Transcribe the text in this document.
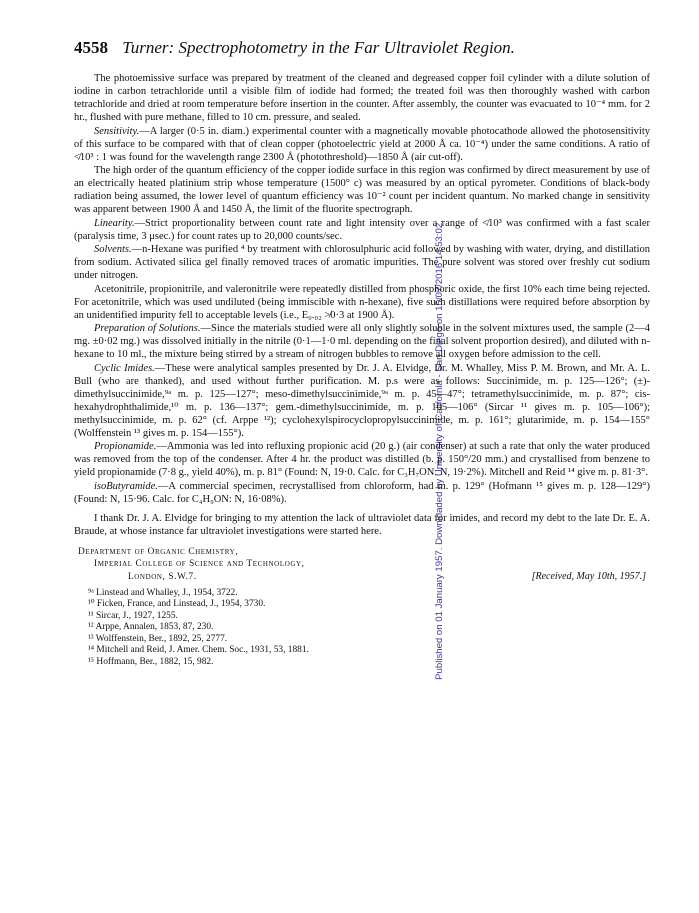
Published on 01 January 1957. Downloaded by University of California - San Diego on 15/07/2016 14:53:02.
4558 Turner: Spectrophotometry in the Far Ultraviolet Region.

The photoemissive surface was prepared by treatment of the cleaned and degreased copper foil cylinder with a dilute solution of iodine in carbon tetrachloride until a visible film of iodide had formed; the treated foil was then thoroughly washed with carbon tetrachloride and dried at room temperature before insertion in the counter. After assembly, the counter was evacuated to 10⁻⁴ mm. for 2 hr., flushed with pure methane, filled to 10 cm. pressure, and sealed.

Sensitivity.—A larger (0·5 in. diam.) experimental counter with a magnetically movable photocathode allowed the photosensitivity of this surface to be compared with that of clean copper (photoelectric yield at 2000 Å ca. 10⁻⁴) under the same conditions. A ratio of ≮10³ : 1 was found for the wavelength range 2300 Å (photothreshold)—1850 Å (air cut-off).

The high order of the quantum efficiency of the copper iodide surface in this region was confirmed by direct measurement by use of an electrically heated platinium strip whose temperature (1500° c) was measured by an optical pyrometer. Conditions of black-body radiation being assumed, the lower level of quantum efficiency was 10⁻² count per incident quantum. No marked change in sensitivity was apparent between 1900 Å and 1450 Å, the limit of the fluorite spectrograph.

Linearity.—Strict proportionality between count rate and light intensity over a range of ≮10³ was confirmed with a fast scaler (paralysis time, 3 μsec.) for count rates up to 20,000 counts/sec.

Solvents.—n-Hexane was purified ⁴ by treatment with chlorosulphuric acid followed by washing with water, drying, and distillation from sodium. Activated silica gel finally removed traces of aromatic impurities. The pure solvent was stored over freshly cut sodium under nitrogen.

Acetonitrile, propionitrile, and valeronitrile were repeatedly distilled from phosphoric oxide, the first 10% each time being rejected. For acetonitrile, which was used undiluted (being immiscible with n-hexane), five such distillations were required before absorption by an unidentified impurity fell to acceptable levels (i.e., E₀.₀₂ ≯0·3 at 1900 Å).

Preparation of Solutions.—Since the materials studied were all only slightly soluble in the solvent mixtures used, the sample (2—4 mg. ±0·02 mg.) was dissolved initially in the nitrile (0·1—1·0 ml. depending on the final solvent proportion desired), and diluted with n-hexane to 10 ml., the mixture being stirred by a stream of nitrogen bubbles to remove all oxygen before admission to the cell.

Cyclic Imides.—These were analytical samples presented by Dr. J. A. Elvidge, Dr. M. Whalley, Miss P. M. Brown, and Mr. A. L. Bull (who are thanked), and used without further purification. M. p.s were as follows: Succinimide, m. p. 125—126°; (±)-dimethylsuccinimide,⁹ᵃ m. p. 125—127°; meso-dimethylsuccinimide,⁹ᵃ m. p. 45—47°; tetramethylsuccinimide, m. p. 87°; cis-hexahydrophthalimide,¹⁰ m. p. 136—137°; gem.-dimethylsuccinimide, m. p. 105—106° (Sircar ¹¹ gives m. p. 105—106°); methylsuccinimide, m. p. 62° (cf. Arppe ¹²); cyclohexylspirocyclopropylsuccinimide, m. p. 161°; glutarimide, m. p. 154—155° (Wolffenstein ¹³ gives m. p. 154—155°).

Propionamide.—Ammonia was led into refluxing propionic acid (20 g.) (air condenser) at such a rate that only the water produced was removed from the top of the condenser. After 4 hr. the product was distilled (b. p. 150°/20 mm.) and crystallised from benzene to yield propionamide (7·8 g., yield 40%), m. p. 81° (Found: N, 19·0. Calc. for C₃H₇ON: N, 19·2%). Mitchell and Reid ¹⁴ give m. p. 81·3°.

isoButyramide.—A commercial specimen, recrystallised from chloroform, had m. p. 129° (Hofmann ¹⁵ gives m. p. 128—129°) (Found: N, 15·96. Calc. for C₄H₉ON: N, 16·08%).

I thank Dr. J. A. Elvidge for bringing to my attention the lack of ultraviolet data for imides, and record my debt to the late Dr. E. A. Braude, at whose instance far ultraviolet investigations were started here.

Department of Organic Chemistry,
Imperial College of Science and Technology,
London, S.W.7.	[Received, May 10th, 1957.]
⁹ᵃ Linstead and Whalley, J., 1954, 3722.
¹⁰ Ficken, France, and Linstead, J., 1954, 3730.
¹¹ Sircar, J., 1927, 1255.
¹² Arppe, Annalen, 1853, 87, 230.
¹³ Wolffenstein, Ber., 1892, 25, 2777.
¹⁴ Mitchell and Reid, J. Amer. Chem. Soc., 1931, 53, 1881.
¹⁵ Hoffmann, Ber., 1882, 15, 982.
